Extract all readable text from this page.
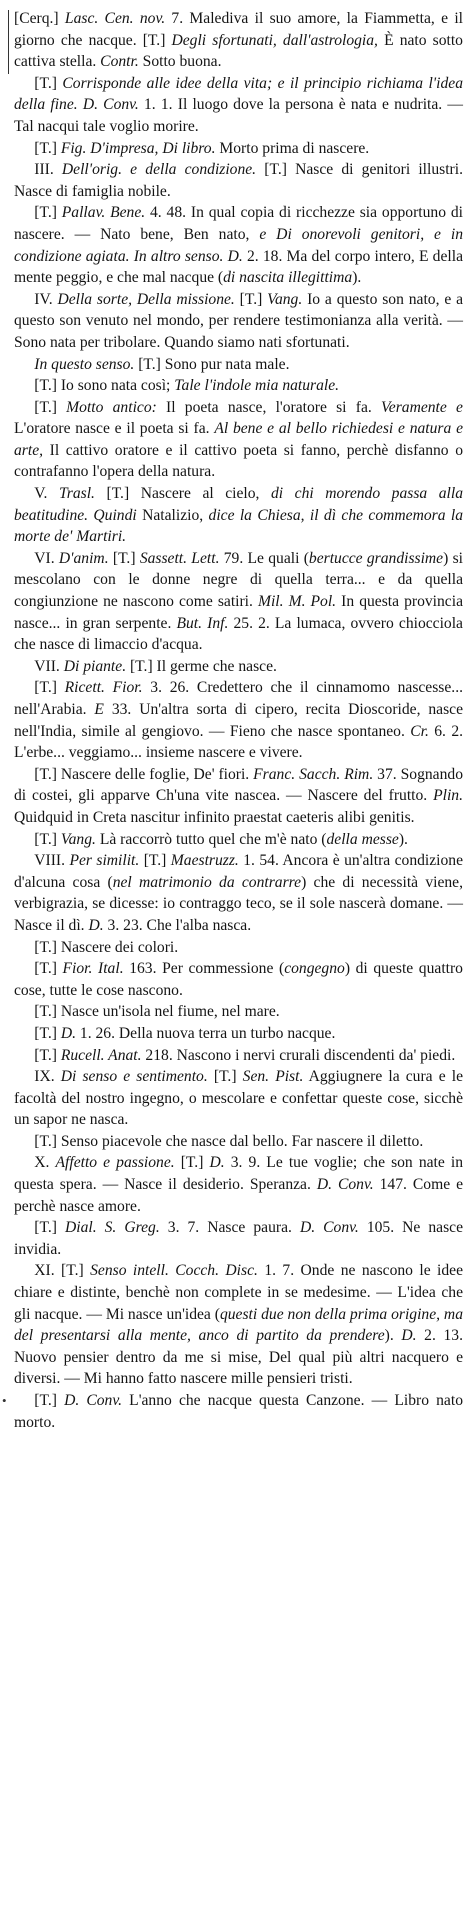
•

[Cerq.] Lasc. Cen. nov. 7. Malediva il suo amore, la Fiammetta, e il giorno che nacque. [T.] Degli sfortunati, dall'astrologia, È nato sotto cattiva stella. Contr. Sotto buona.

[T.] Corrisponde alle idee della vita; e il principio richiama l'idea della fine. D. Conv. 1. 1. Il luogo dove la persona è nata e nudrita. — Tal nacqui tale voglio morire.

[T.] Fig. D'impresa, Di libro. Morto prima di nascere.

III. Dell'orig. e della condizione. [T.] Nasce di genitori illustri. Nasce di famiglia nobile.

[T.] Pallav. Bene. 4. 48. In qual copia di ricchezze sia opportuno di nascere. — Nato bene, Ben nato, e Di onorevoli genitori, e in condizione agiata. In altro senso. D. 2. 18. Ma del corpo intero, E della mente peggio, e che mal nacque (di nascita illegittima).

IV. Della sorte, Della missione. [T.] Vang. Io a questo son nato, e a questo son venuto nel mondo, per rendere testimonianza alla verità. — Sono nata per tribolare. Quando siamo nati sfortunati.

In questo senso. [T.] Sono pur nata male.

[T.] Io sono nata così; Tale l'indole mia naturale.

[T.] Motto antico: Il poeta nasce, l'oratore si fa. Veramente e L'oratore nasce e il poeta si fa. Al bene e al bello richiedesi e natura e arte, Il cattivo oratore e il cattivo poeta si fanno, perchè disfanno o contrafanno l'opera della natura.

V. Trasl. [T.] Nascere al cielo, di chi morendo passa alla beatitudine. Quindi Natalizio, dice la Chiesa, il dì che commemora la morte de' Martiri.

VI. D'anim. [T.] Sassett. Lett. 79. Le quali (bertucce grandissime) si mescolano con le donne negre di quella terra... e da quella congiunzione ne nascono come satiri. Mil. M. Pol. In questa provincia nasce... in gran serpente. But. Inf. 25. 2. La lumaca, ovvero chiocciola che nasce di limaccio d'acqua.

VII. Di piante. [T.] Il germe che nasce.

[T.] Ricett. Fior. 3. 26. Credettero che il cinnamomo nascesse... nell'Arabia. E 33. Un'altra sorta di cipero, recita Dioscoride, nasce nell'India, simile al gengiovo. — Fieno che nasce spontaneo. Cr. 6. 2. L'erbe... veggiamo... insieme nascere e vivere.

[T.] Nascere delle foglie, De' fiori. Franc. Sacch. Rim. 37. Sognando di costei, gli apparve Ch'una vite nascea. — Nascere del frutto. Plin. Quidquid in Creta nascitur infinito praestat caeteris alibi genitis.

[T.] Vang. Là raccorrò tutto quel che m'è nato (della messe).

VIII. Per similit. [T.] Maestruzz. 1. 54. Ancora è un'altra condizione d'alcuna cosa (nel matrimonio da contrarre) che di necessità viene, verbigrazia, se dicesse: io contraggo teco, se il sole nascerà domane. — Nasce il dì. D. 3. 23. Che l'alba nasca.

[T.] Nascere dei colori.

[T.] Fior. Ital. 163. Per commessione (congegno) di queste quattro cose, tutte le cose nascono.

[T.] Nasce un'isola nel fiume, nel mare.

[T.] D. 1. 26. Della nuova terra un turbo nacque.

[T.] Rucell. Anat. 218. Nascono i nervi crurali discendenti da' piedi.

IX. Di senso e sentimento. [T.] Sen. Pist. Aggiugnere la cura e le facoltà del nostro ingegno, o mescolare e confettar queste cose, sicchè un sapor ne nasca.

[T.] Senso piacevole che nasce dal bello. Far nascere il diletto.

X. Affetto e passione. [T.] D. 3. 9. Le tue voglie; che son nate in questa spera. — Nasce il desiderio. Speranza. D. Conv. 147. Come e perchè nasce amore.

[T.] Dial. S. Greg. 3. 7. Nasce paura. D. Conv. 105. Ne nasce invidia.

XI. [T.] Senso intell. Cocch. Disc. 1. 7. Onde ne nascono le idee chiare e distinte, benchè non complete in se medesime. — L'idea che gli nacque. — Mi nasce un'idea (questi due non della prima origine, ma del presentarsi alla mente, anco di partito da prendere). D. 2. 13. Nuovo pensier dentro da me si mise, Del qual più altri nacquero e diversi. — Mi hanno fatto nascere mille pensieri tristi.

[T.] D. Conv. L'anno che nacque questa Canzone. — Libro nato morto.
